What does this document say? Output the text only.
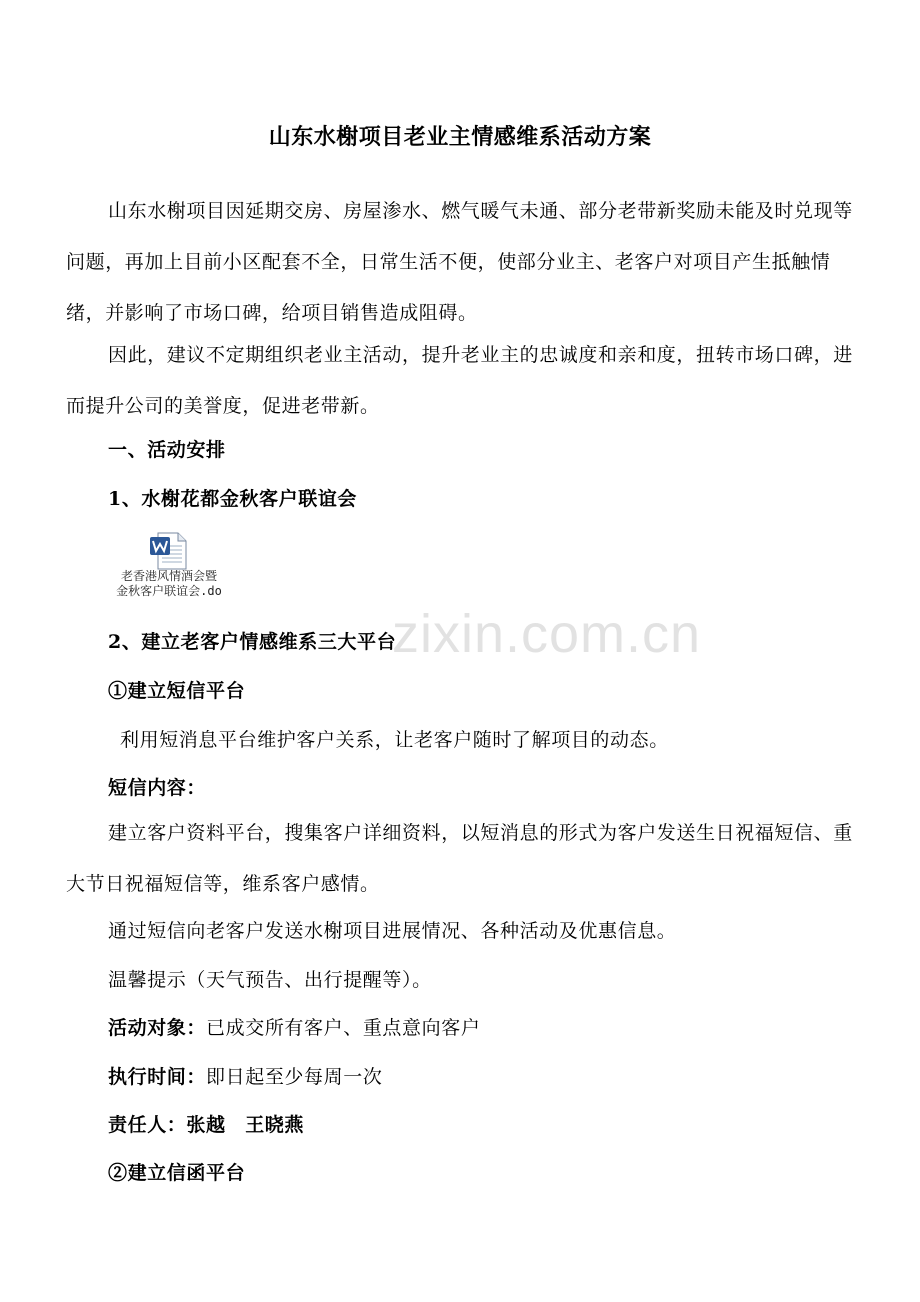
山东水榭项目老业主情感维系活动方案

山东水榭项目因延期交房、房屋渗水、燃气暖气未通、部分老带新奖励未能及时兑现等问题，再加上目前小区配套不全，日常生活不便，使部分业主、老客户对项目产生抵触情绪，并影响了市场口碑，给项目销售造成阻碍。

因此，建议不定期组织老业主活动，提升老业主的忠诚度和亲和度，扭转市场口碑，进而提升公司的美誉度，促进老带新。

一、活动安排
1、水榭花都金秋客户联谊会
老香港风情酒会暨
金秋客户联谊会.do
2、建立老客户情感维系三大平台
①建立短信平台
利用短消息平台维护客户关系，让老客户随时了解项目的动态。
短信内容：

建立客户资料平台，搜集客户详细资料，以短消息的形式为客户发送生日祝福短信、重大节日祝福短信等，维系客户感情。

通过短信向老客户发送水榭项目进展情况、各种活动及优惠信息。
温馨提示（天气预告、出行提醒等）。
活动对象：已成交所有客户、重点意向客户
执行时间：即日起至少每周一次
责任人：张越　王晓燕
②建立信函平台
zixin.com.cn
